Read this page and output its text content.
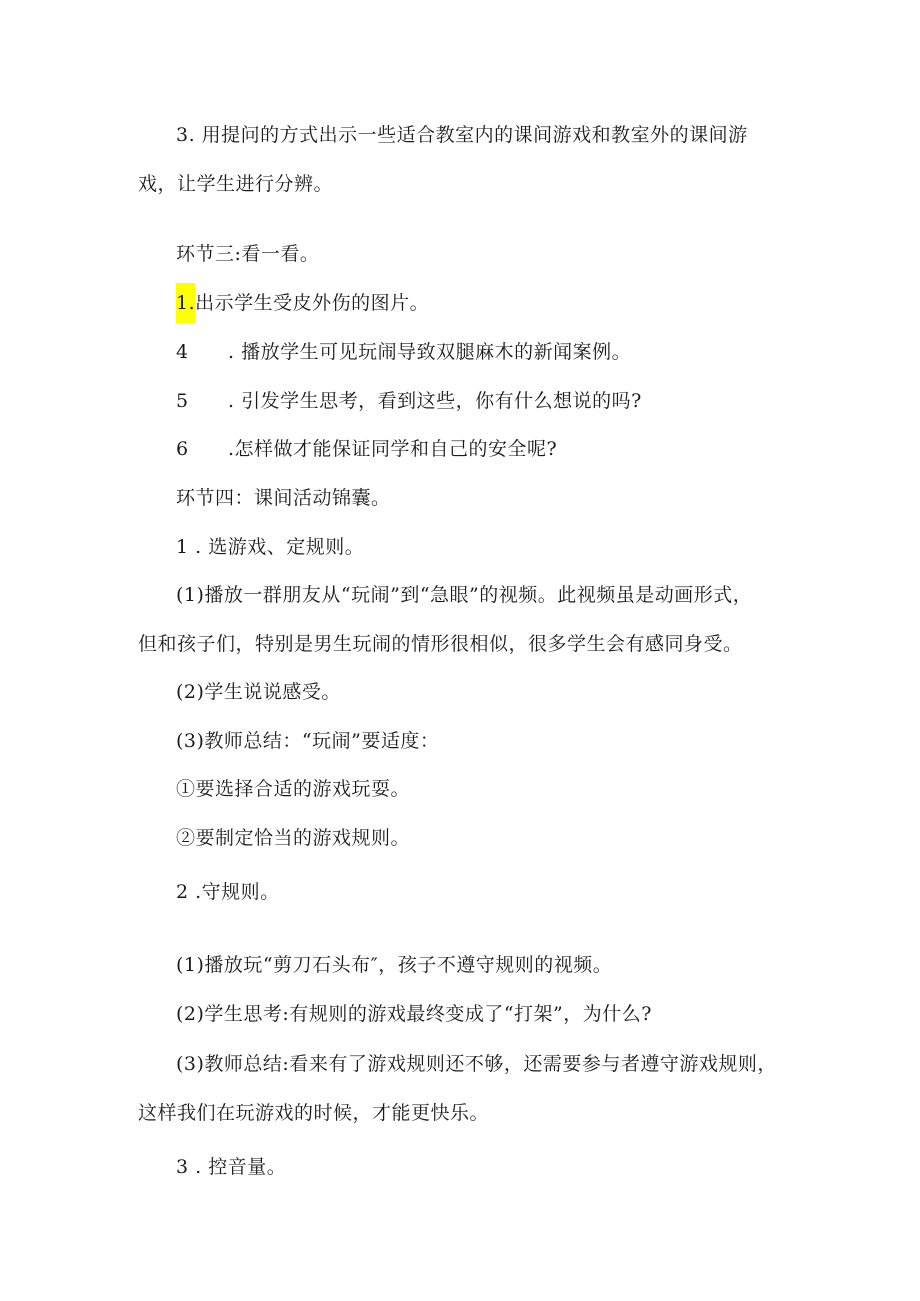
3. 用提问的方式出示一些适合教室内的课间游戏和教室外的课间游
戏，让学生进行分辨。
环节三:看一看。
1.出示学生受皮外伤的图片。
4 . 播放学生可见玩闹导致双腿麻木的新闻案例。
5 . 引发学生思考，看到这些，你有什么想说的吗?
6 .怎样做才能保证同学和自己的安全呢?
环节四：课间活动锦囊。
1 . 选游戏、定规则。
(1)播放一群朋友从“玩闹”到“急眼”的视频。此视频虽是动画形式，
但和孩子们，特别是男生玩闹的情形很相似，很多学生会有感同身受。
(2)学生说说感受。
(3)教师总结：“玩闹”要适度：
①要选择合适的游戏玩耍。
②要制定恰当的游戏规则。
2 .守规则。
(1)播放玩“剪刀石头布″，孩子不遵守规则的视频。
(2)学生思考:有规则的游戏最终变成了“打架”，为什么?
(3)教师总结:看来有了游戏规则还不够，还需要参与者遵守游戏规则，
这样我们在玩游戏的时候，才能更快乐。
3 . 控音量。
